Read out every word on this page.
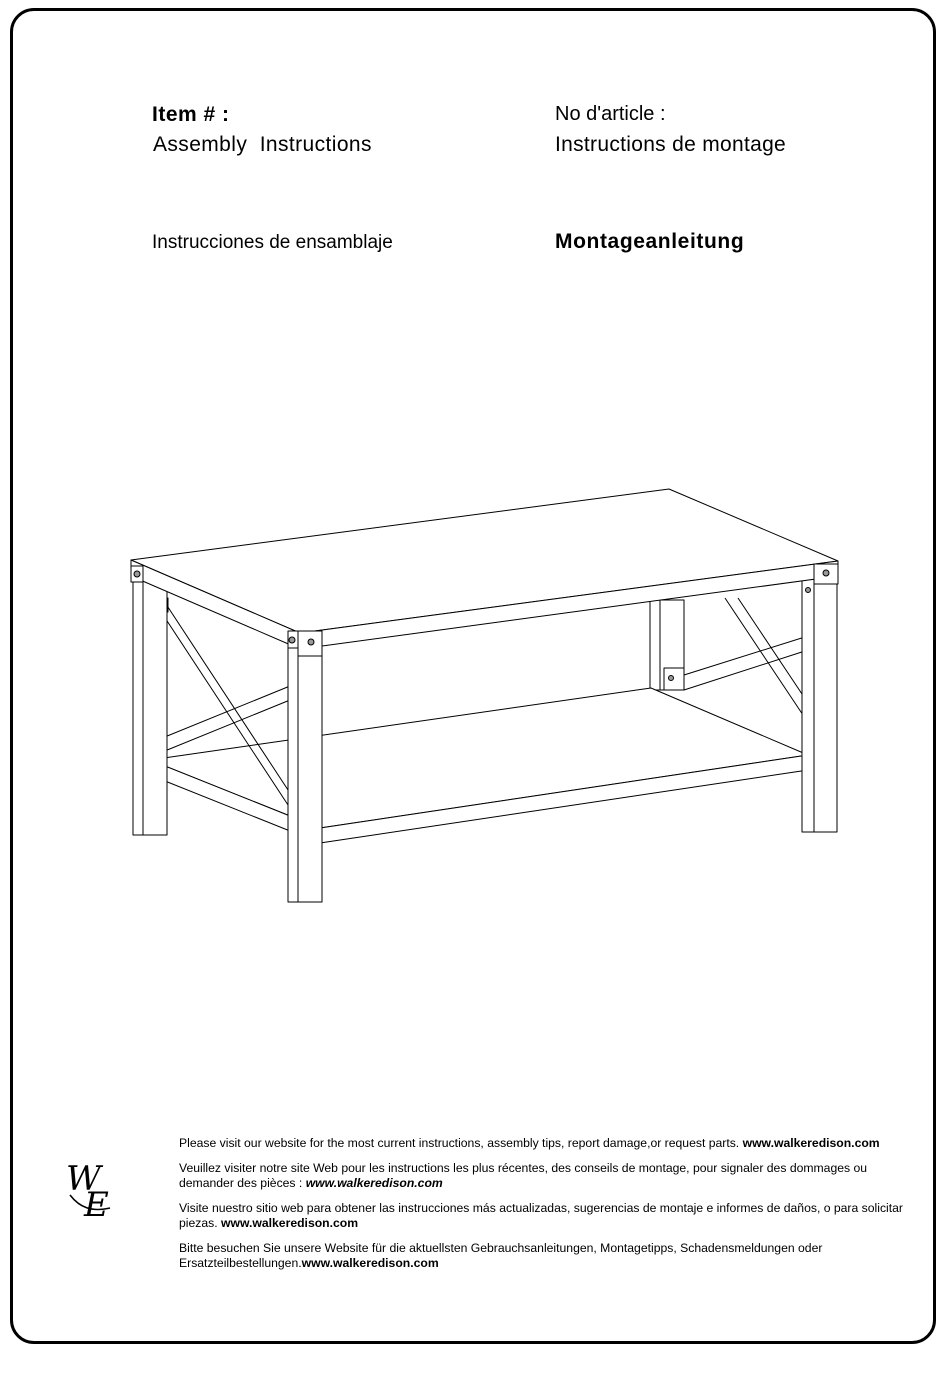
Item # :	No d'article :

Assembly  Instructions	Instructions de montage

Instrucciones de ensamblaje	Montageanleitung

W
E

Please visit our website for the most current instructions, assembly tips, report damage,or request parts. www.walkeredison.com

Veuillez visiter notre site Web pour les instructions les plus récentes, des conseils de montage, pour signaler des dommages ou demander des pièces : www.walkeredison.com

Visite nuestro sitio web para obtener las instrucciones más actualizadas, sugerencias de montaje e informes de daños, o para solicitar piezas. www.walkeredison.com

Bitte besuchen Sie unsere Website für die aktuellsten Gebrauchsanleitungen, Montagetipps, Schadensmeldungen oder Ersatzteilbestellungen.www.walkeredison.com
